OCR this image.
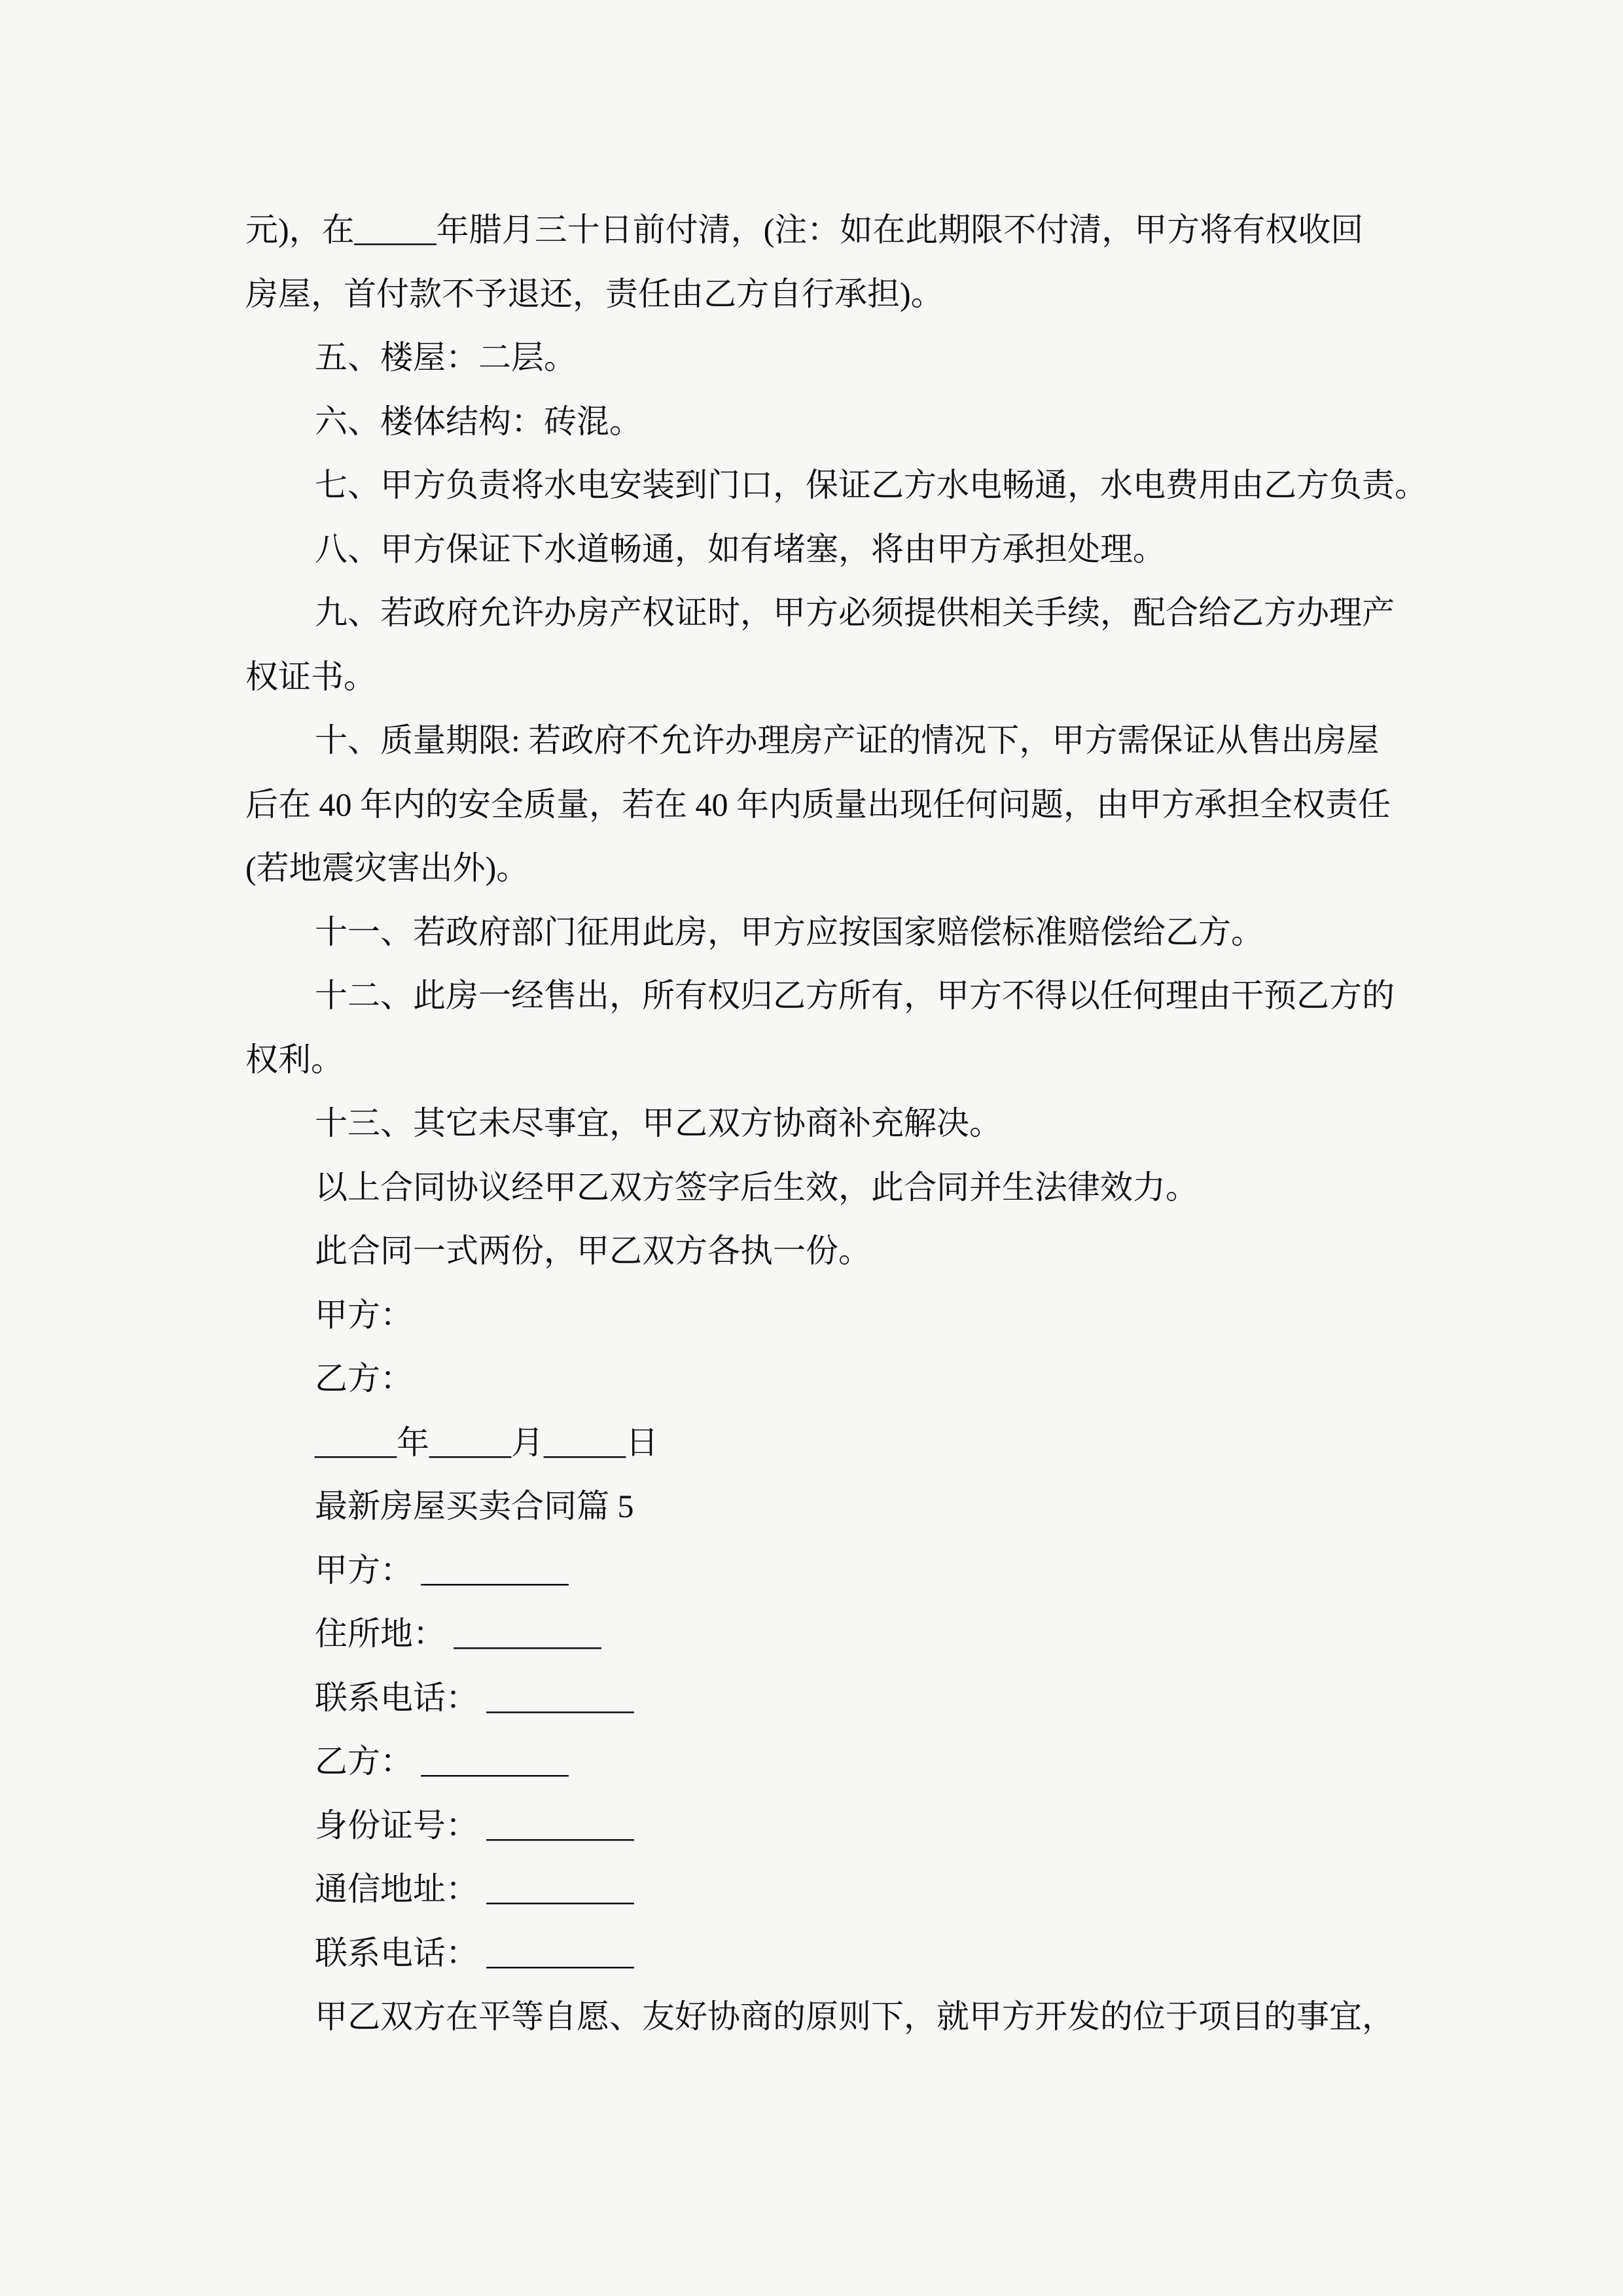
元)，在_____年腊月三十日前付清，(注：如在此期限不付清，甲方将有权收回
房屋，首付款不予退还，责任由乙方自行承担)。
五、楼屋：二层。
六、楼体结构：砖混。
七、甲方负责将水电安装到门口，保证乙方水电畅通，水电费用由乙方负责。
八、甲方保证下水道畅通，如有堵塞，将由甲方承担处理。
九、若政府允许办房产权证时，甲方必须提供相关手续，配合给乙方办理产
权证书。
十、质量期限: 若政府不允许办理房产证的情况下，甲方需保证从售出房屋
后在 40 年内的安全质量，若在 40 年内质量出现任何问题，由甲方承担全权责任
(若地震灾害出外)。
十一、若政府部门征用此房，甲方应按国家赔偿标准赔偿给乙方。
十二、此房一经售出，所有权归乙方所有，甲方不得以任何理由干预乙方的
权利。
十三、其它未尽事宜，甲乙双方协商补充解决。
以上合同协议经甲乙双方签字后生效，此合同并生法律效力。
此合同一式两份，甲乙双方各执一份。
甲方：
乙方：
_____年_____月_____日
最新房屋买卖合同篇 5
甲方： _________
住所地： _________
联系电话： _________
乙方： _________
身份证号： _________
通信地址： _________
联系电话： _________
甲乙双方在平等自愿、友好协商的原则下，就甲方开发的位于项目的事宜，
